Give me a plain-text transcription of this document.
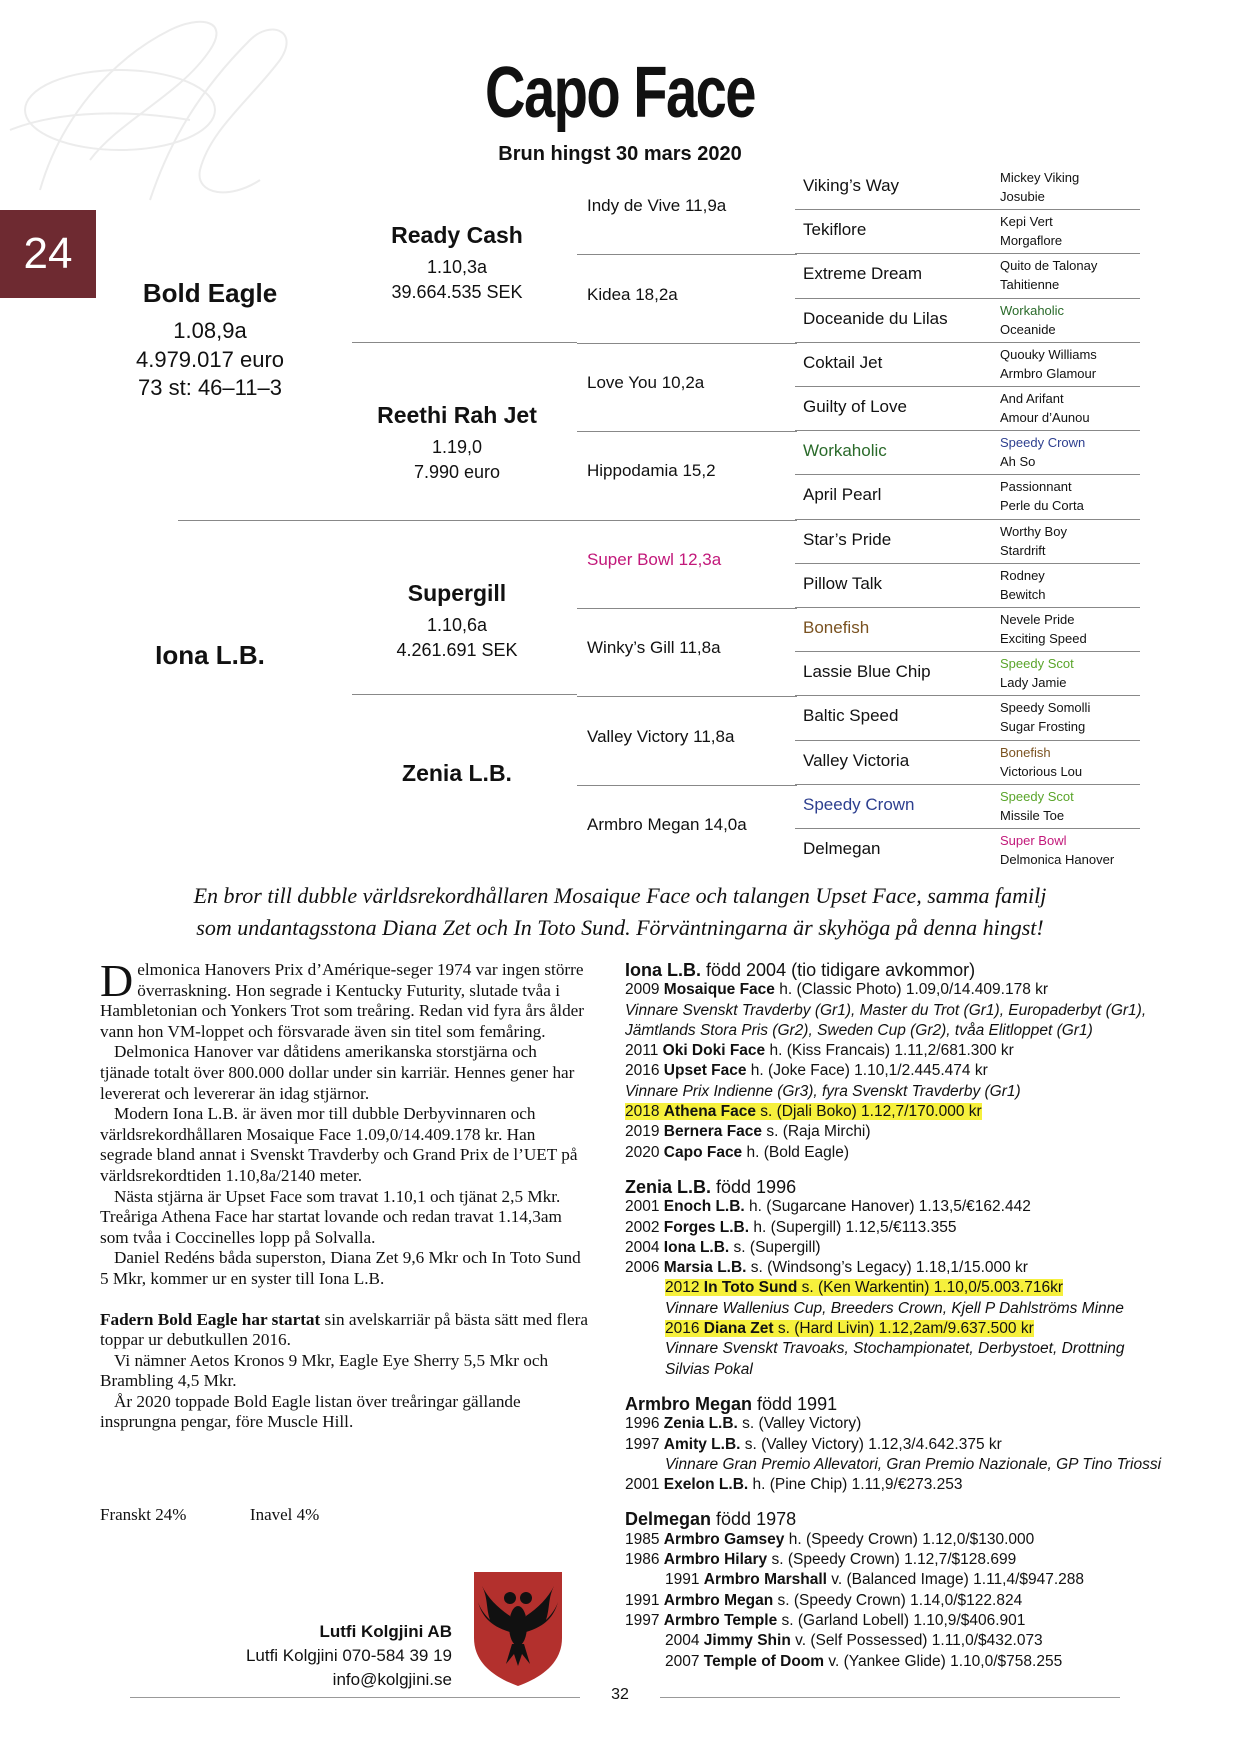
Capo Face
Brun hingst 30 mars 2020
24
Bold Eagle
1.08,9a
4.979.017 euro
73 st: 46–11–3
Iona L.B.
Ready Cash
1.10,3a
39.664.535 SEK
Reethi Rah Jet
1.19,0
7.990 euro
Supergill
1.10,6a
4.261.691 SEK
Zenia L.B.
Indy de Vive 11,9a
Kidea 18,2a
Love You 10,2a
Hippodamia 15,2
Super Bowl 12,3a
Winky’s Gill 11,8a
Valley Victory 11,8a
Armbro Megan 14,0a
Viking’s Way
Tekiflore
Extreme Dream
Doceanide du Lilas
Coktail Jet
Guilty of Love
Workaholic
April Pearl
Star’s Pride
Pillow Talk
Bonefish
Lassie Blue Chip
Baltic Speed
Valley Victoria
Speedy Crown
Delmegan
Mickey Viking
Josubie
Kepi Vert
Morgaflore
Quito de Talonay
Tahitienne
Workaholic
Oceanide
Quouky Williams
Armbro Glamour
And Arifant
Amour d’Aunou
Speedy Crown
Ah So
Passionnant
Perle du Corta
Worthy Boy
Stardrift
Rodney
Bewitch
Nevele Pride
Exciting Speed
Speedy Scot
Lady Jamie
Speedy Somolli
Sugar Frosting
Bonefish
Victorious Lou
Speedy Scot
Missile Toe
Super Bowl
Delmonica Hanover
En bror till dubble världsrekordhållaren Mosaique Face och talangen Upset Face, samma familj
som undantagsstona Diana Zet och In Toto Sund. Förväntningarna är skyhöga på denna hingst!

Delmonica Hanovers Prix d’Amérique-seger 1974 var ingen större överraskning. Hon segrade i Kentucky Futurity, slutade tvåa i Hambletonian och Yonkers Trot som treåring. Redan vid fyra års ålder vann hon VM-loppet och försvarade även sin titel som femåring.

Delmonica Hanover var dåtidens amerikanska storstjärna och tjänade totalt över 800.000 dollar under sin karriär. Hennes gener har levererat och levererar än idag stjärnor.

Modern Iona L.B. är även mor till dubble Derbyvinnaren och världsrekordhållaren Mosaique Face 1.09,0/14.409.178 kr. Han segrade bland annat i Svenskt Travderby och Grand Prix de l’UET på världsrekordtiden 1.10,8a/2140 meter.

Nästa stjärna är Upset Face som travat 1.10,1 och tjänat 2,5 Mkr. Treåriga Athena Face har startat lovande och redan travat 1.14,3am som tvåa i Coccinelles lopp på Solvalla.

Daniel Redéns båda superston, Diana Zet 9,6 Mkr och In Toto Sund 5 Mkr, kommer ur en syster till Iona L.B.

Fadern Bold Eagle har startat sin avelskarriär på bästa sätt med flera toppar ur debutkullen 2016.

Vi nämner Aetos Kronos 9 Mkr, Eagle Eye Sherry 5,5 Mkr och Brambling 4,5 Mkr.

År 2020 toppade Bold Eagle listan över treåringar gällande insprungna pengar, före Muscle Hill.

Franskt 24%	Inavel 4%
Iona L.B. född 2004 (tio tidigare avkommor)
2009 Mosaique Face h. (Classic Photo) 1.09,0/14.409.178 kr
Vinnare Svenskt Travderby (Gr1), Master du Trot (Gr1), Europaderbyt (Gr1),
Jämtlands Stora Pris (Gr2), Sweden Cup (Gr2), tvåa Elitloppet (Gr1)
2011 Oki Doki Face h. (Kiss Francais) 1.11,2/681.300 kr
2016 Upset Face h. (Joke Face) 1.10,1/2.445.474 kr
Vinnare Prix Indienne (Gr3), fyra Svenskt Travderby (Gr1)
2018 Athena Face s. (Djali Boko) 1.12,7/170.000 kr
2019 Bernera Face s. (Raja Mirchi)
2020 Capo Face h. (Bold Eagle)
Zenia L.B. född 1996
2001 Enoch L.B. h. (Sugarcane Hanover) 1.13,5/€162.442
2002 Forges L.B. h. (Supergill) 1.12,5/€113.355
2004 Iona L.B. s. (Supergill)
2006 Marsia L.B. s. (Windsong’s Legacy) 1.18,1/15.000 kr
2012 In Toto Sund s. (Ken Warkentin) 1.10,0/5.003.716kr
Vinnare Wallenius Cup, Breeders Crown, Kjell P Dahlströms Minne
2016 Diana Zet s. (Hard Livin) 1.12,2am/9.637.500 kr
Vinnare Svenskt Travoaks, Stochampionatet, Derbystoet, Drottning
Silvias Pokal
Armbro Megan född 1991
1996 Zenia L.B. s. (Valley Victory)
1997 Amity L.B. s. (Valley Victory) 1.12,3/4.642.375 kr
Vinnare Gran Premio Allevatori, Gran Premio Nazionale, GP Tino Triossi
2001 Exelon L.B. h. (Pine Chip) 1.11,9/€273.253
Delmegan född 1978
1985 Armbro Gamsey h. (Speedy Crown) 1.12,0/$130.000
1986 Armbro Hilary s. (Speedy Crown) 1.12,7/$128.699
1991 Armbro Marshall v. (Balanced Image) 1.11,4/$947.288
1991 Armbro Megan s. (Speedy Crown) 1.14,0/$122.824
1997 Armbro Temple s. (Garland Lobell) 1.10,9/$406.901
2004 Jimmy Shin v. (Self Possessed) 1.11,0/$432.073
2007 Temple of Doom v. (Yankee Glide) 1.10,0/$758.255
Lutfi Kolgjini AB
Lutfi Kolgjini 070-584 39 19
info@kolgjini.se
32
